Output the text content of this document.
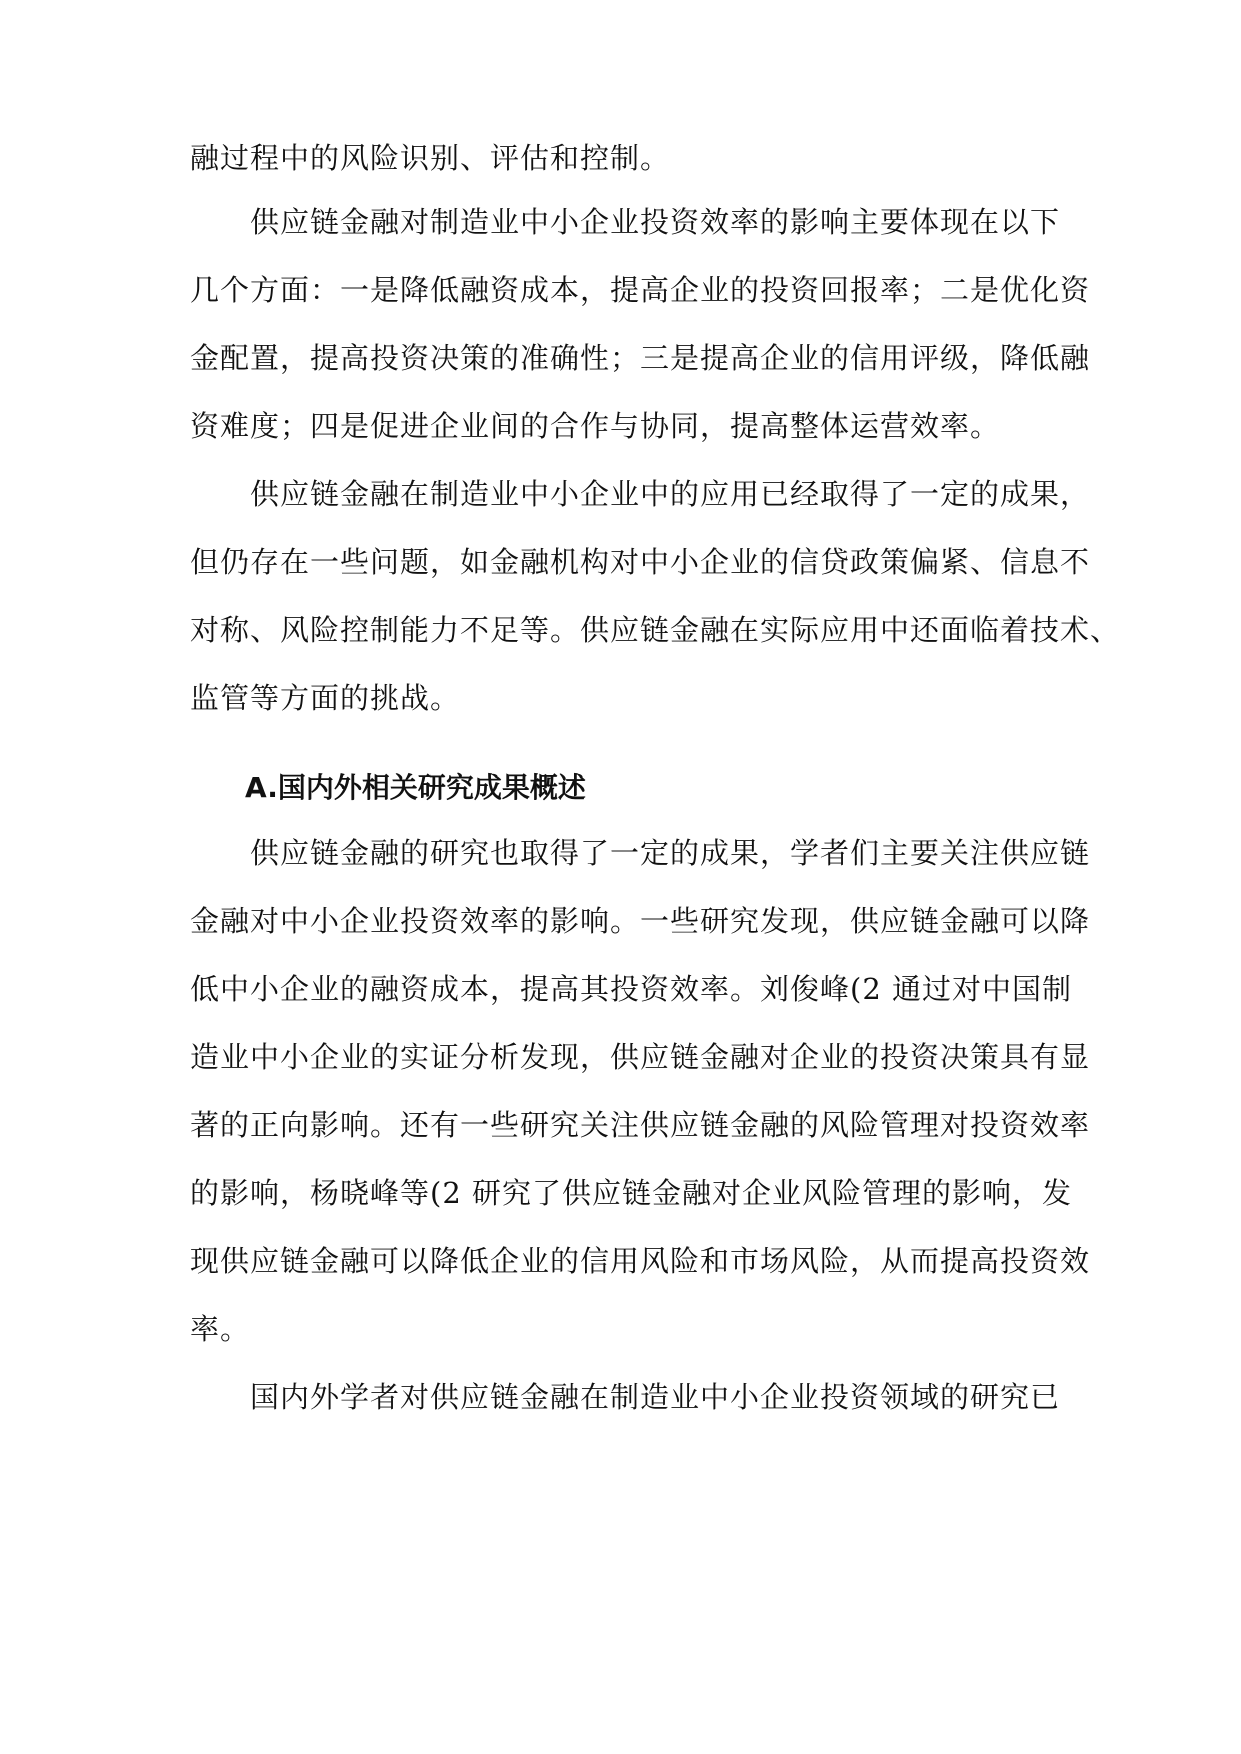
融过程中的风险识别、评估和控制。
　　供应链金融对制造业中小企业投资效率的影响主要体现在以下
几个方面：一是降低融资成本，提高企业的投资回报率；二是优化资
金配置，提高投资决策的准确性；三是提高企业的信用评级，降低融
资难度；四是促进企业间的合作与协同，提高整体运营效率。
　　供应链金融在制造业中小企业中的应用已经取得了一定的成果，
但仍存在一些问题，如金融机构对中小企业的信贷政策偏紧、信息不
对称、风险控制能力不足等。供应链金融在实际应用中还面临着技术、
监管等方面的挑战。
A.国内外相关研究成果概述
　　供应链金融的研究也取得了一定的成果，学者们主要关注供应链
金融对中小企业投资效率的影响。一些研究发现，供应链金融可以降
低中小企业的融资成本，提高其投资效率。刘俊峰(2 通过对中国制
造业中小企业的实证分析发现，供应链金融对企业的投资决策具有显
著的正向影响。还有一些研究关注供应链金融的风险管理对投资效率
的影响，杨晓峰等(2 研究了供应链金融对企业风险管理的影响，发
现供应链金融可以降低企业的信用风险和市场风险，从而提高投资效
率。
　　国内外学者对供应链金融在制造业中小企业投资领域的研究已
